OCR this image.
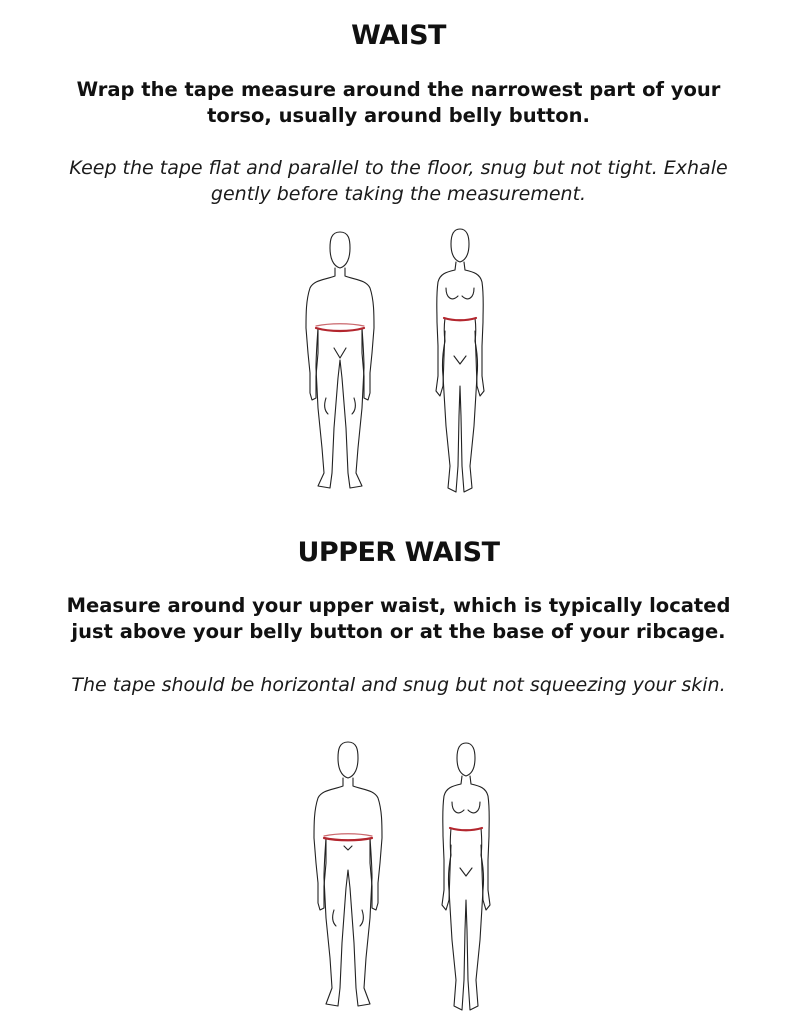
WAIST

Wrap the tape measure around the narrowest part of your torso, usually around belly button.

Keep the tape flat and parallel to the floor, snug but not tight. Exhale gently before taking the measurement.

UPPER WAIST

Measure around your upper waist, which is typically located just above your belly button or at the base of your ribcage.

The tape should be horizontal and snug but not squeezing your skin.
